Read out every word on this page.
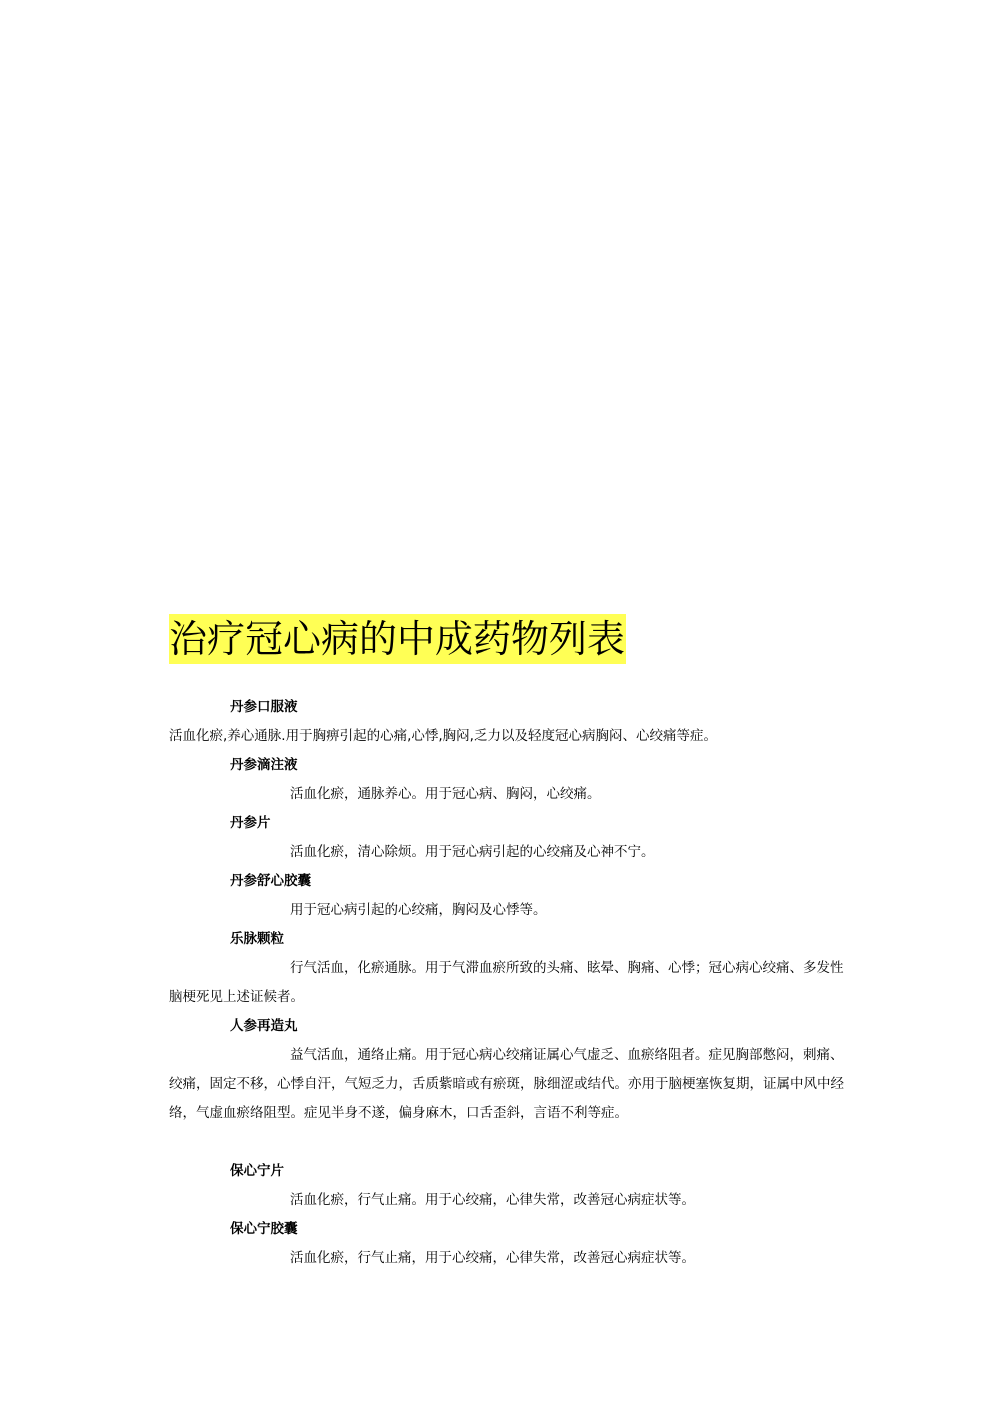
治疗冠心病的中成药物列表
丹参口服液
活血化瘀,养心通脉.用于胸痹引起的心痛,心悸,胸闷,乏力以及轻度冠心病胸闷、心绞痛等症。
丹参滴注液
活血化瘀，通脉养心。用于冠心病、胸闷，心绞痛。
丹参片
活血化瘀，清心除烦。用于冠心病引起的心绞痛及心神不宁。
丹参舒心胶囊
用于冠心病引起的心绞痛，胸闷及心悸等。
乐脉颗粒
行气活血，化瘀通脉。用于气滞血瘀所致的头痛、眩晕、胸痛、心悸；冠心病心绞痛、多发性脑梗死见上述证候者。
人参再造丸
益气活血，通络止痛。用于冠心病心绞痛证属心气虚乏、血瘀络阻者。症见胸部憋闷，刺痛、绞痛，固定不移，心悸自汗，气短乏力，舌质紫暗或有瘀斑，脉细涩或结代。亦用于脑梗塞恢复期，证属中风中经络，气虚血瘀络阻型。症见半身不遂，偏身麻木，口舌歪斜，言语不利等症。
保心宁片
活血化瘀，行气止痛。用于心绞痛，心律失常，改善冠心病症状等。
保心宁胶囊
活血化瘀，行气止痛，用于心绞痛，心律失常，改善冠心病症状等。
